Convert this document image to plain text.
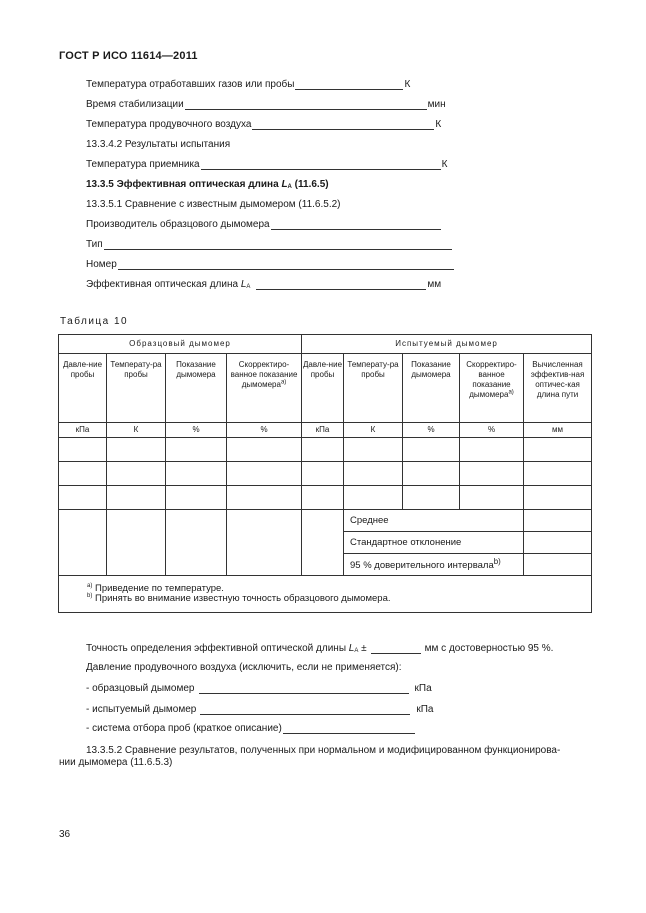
ГОСТ Р ИСО 11614—2011
Температура отработавших газов или пробы	К
Время стабилизации	мин
Температура продувочного воздуха	К
13.3.4.2 Результаты испытания
Температура приемника	К
13.3.5 Эффективная оптическая длина
$L_A$
(11.6.5)
13.3.5.1 Сравнение с известным дымомером (11.6.5.2)
Производитель образцового дымомера
Тип
Номер
Эффективная оптическая длина
$L_A$	мм
Таблица 10
Образцовый дымомер				Испытуемый дымомер				
Давле-ние пробы	Температу-ра пробы	Показание дымомера	Скорректиро-ванное показание дымомера$^{a)}$	Давле-ние пробы	Температу-ра пробы	Показание дымомера	Скорректиро-ванное показание дымомера$^{a)}$	Вычисленная эффектив-ная оптичес-кая длина пути
кПа	К	%	%	кПа	К	%	%	мм

					Среднее			
					Стандартное отклонение			
					95 % доверительного интервала$^{b)}$	

$^{a)}$ Приведение по температуре.
$^{b)}$ Принять во внимание известную точность образцового дымомера.								
Точность определения эффективной оптической длины
$L_A$
±	мм с достоверностью 95 %.
Давление продувочного воздуха (исключить, если не применяется):
- образцовый дымомер	кПа
- испытуемый дымомер	кПа
- система отбора проб (краткое описание)
13.3.5.2 Сравнение результатов, полученных при нормальном и модифицированном функционирова-
нии дымомера (11.6.5.3)
36
